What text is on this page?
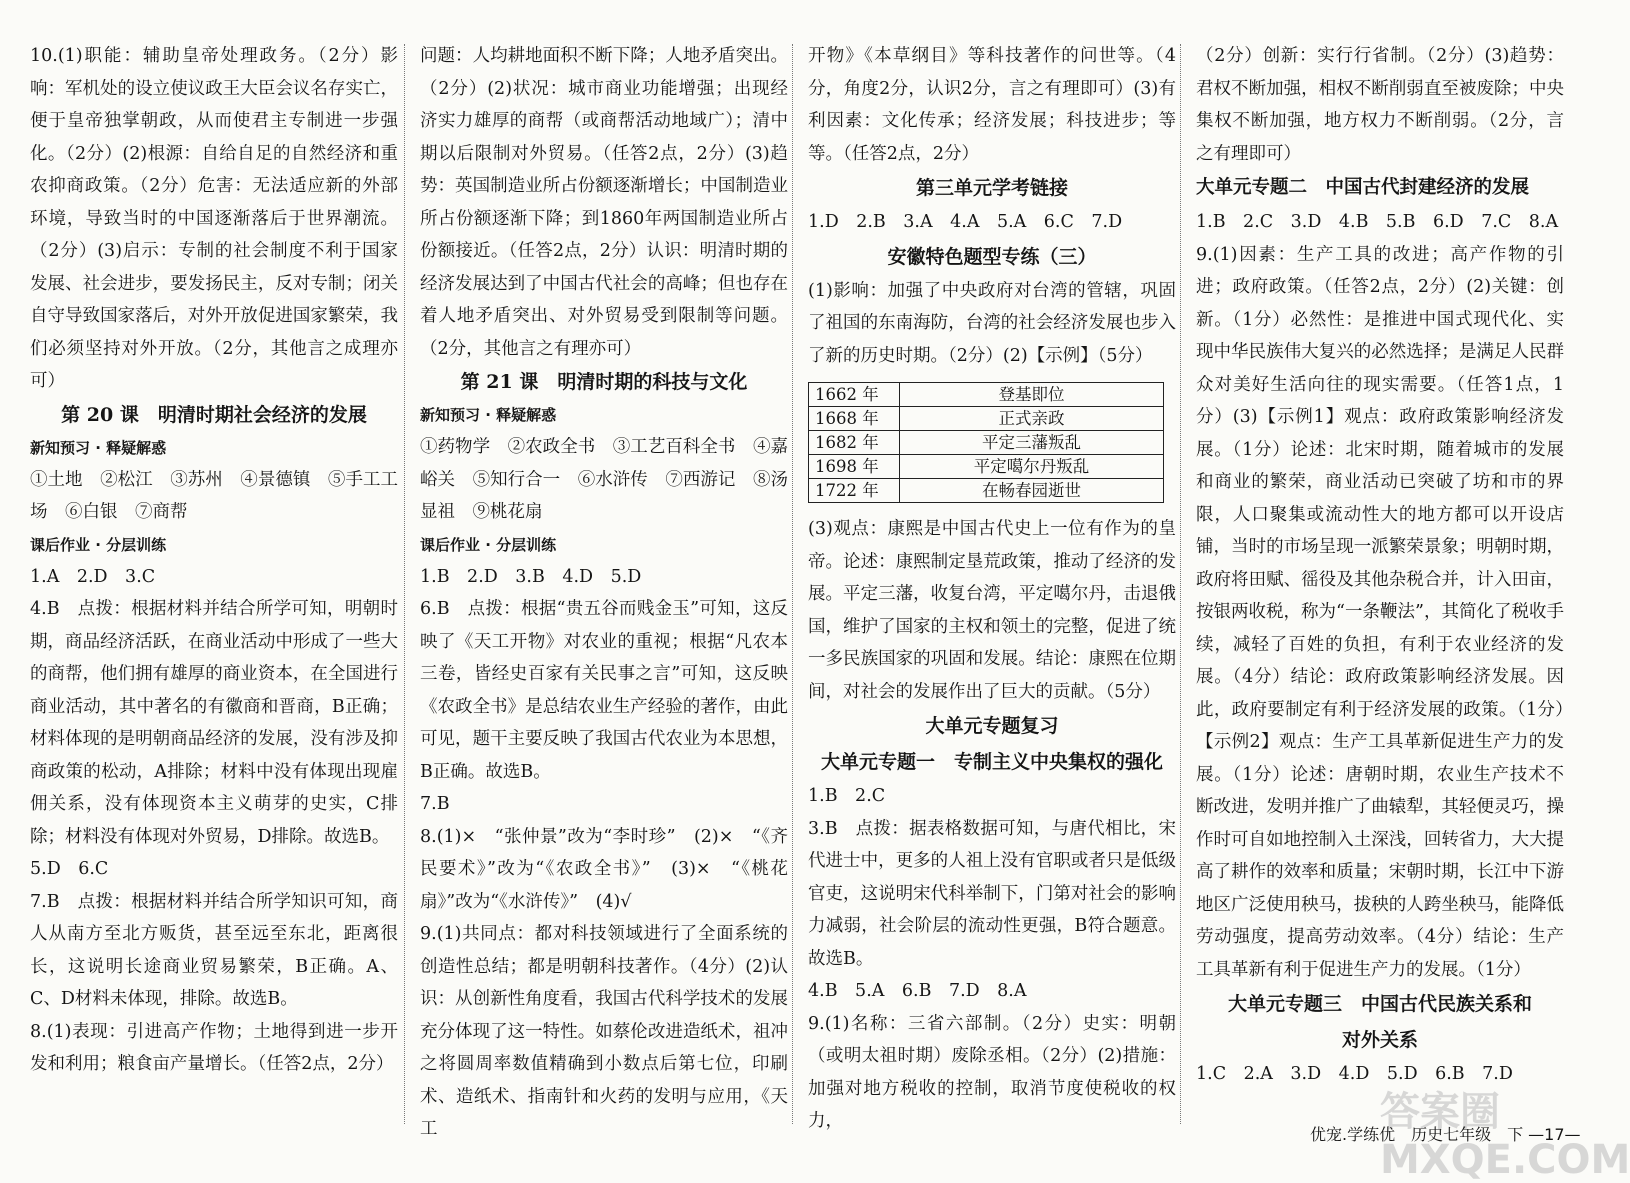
10.(1)职能：辅助皇帝处理政务。（2分）影响：军机处的设立使议政王大臣会议名存实亡，便于皇帝独掌朝政，从而使君主专制进一步强化。（2分）(2)根源：自给自足的自然经济和重农抑商政策。（2分）危害：无法适应新的外部环境，导致当时的中国逐渐落后于世界潮流。（2分）(3)启示：专制的社会制度不利于国家发展、社会进步，要发扬民主，反对专制；闭关自守导致国家落后，对外开放促进国家繁荣，我们必须坚持对外开放。（2分，其他言之成理亦可）
第 20 课　明清时期社会经济的发展
新知预习 · 释疑解惑
①土地　②松江　③苏州　④景德镇　⑤手工工场　⑥白银　⑦商帮
课后作业 · 分层训练
1.A　2.D　3.C
4.B　点拨：根据材料并结合所学可知，明朝时期，商品经济活跃，在商业活动中形成了一些大的商帮，他们拥有雄厚的商业资本，在全国进行商业活动，其中著名的有徽商和晋商，B正确；材料体现的是明朝商品经济的发展，没有涉及抑商政策的松动，A排除；材料中没有体现出现雇佣关系，没有体现资本主义萌芽的史实，C排除；材料没有体现对外贸易，D排除。故选B。
5.D　6.C
7.B　点拨：根据材料并结合所学知识可知，商人从南方至北方贩货，甚至远至东北，距离很长，这说明长途商业贸易繁荣，B正确。A、C、D材料未体现，排除。故选B。
8.(1)表现：引进高产作物；土地得到进一步开发和利用；粮食亩产量增长。（任答2点，2分）
问题：人均耕地面积不断下降；人地矛盾突出。（2分）(2)状况：城市商业功能增强；出现经济实力雄厚的商帮（或商帮活动地域广）；清中期以后限制对外贸易。（任答2点，2分）(3)趋势：英国制造业所占份额逐渐增长；中国制造业所占份额逐渐下降；到1860年两国制造业所占份额接近。（任答2点，2分）认识：明清时期的经济发展达到了中国古代社会的高峰；但也存在着人地矛盾突出、对外贸易受到限制等问题。（2分，其他言之有理亦可）
第 21 课　明清时期的科技与文化
新知预习 · 释疑解惑
①药物学　②农政全书　③工艺百科全书　④嘉峪关　⑤知行合一　⑥水浒传　⑦西游记　⑧汤显祖　⑨桃花扇
课后作业 · 分层训练
1.B　2.D　3.B　4.D　5.D
6.B　点拨：根据“贵五谷而贱金玉”可知，这反映了《天工开物》对农业的重视；根据“凡农本三卷，皆经史百家有关民事之言”可知，这反映《农政全书》是总结农业生产经验的著作，由此可见，题干主要反映了我国古代农业为本思想，B正确。故选B。
7.B
8.(1)×　“张仲景”改为“李时珍”　(2)×　“《齐民要术》”改为“《农政全书》”　(3)×　“《桃花扇》”改为“《水浒传》”　(4)√
9.(1)共同点：都对科技领域进行了全面系统的创造性总结；都是明朝科技著作。（4分）(2)认识：从创新性角度看，我国古代科学技术的发展充分体现了这一特性。如蔡伦改进造纸术，祖冲之将圆周率数值精确到小数点后第七位，印刷术、造纸术、指南针和火药的发明与应用，《天工
开物》《本草纲目》等科技著作的问世等。（4分，角度2分，认识2分，言之有理即可）(3)有利因素：文化传承；经济发展；科技进步；等等。（任答2点，2分）
第三单元学考链接
1.D　2.B　3.A　4.A　5.A　6.C　7.D
安徽特色题型专练（三）
(1)影响：加强了中央政府对台湾的管辖，巩固了祖国的东南海防，台湾的社会经济发展也步入了新的历史时期。（2分）(2)【示例】（5分）
1662 年	登基即位
1668 年	正式亲政
1682 年	平定三藩叛乱
1698 年	平定噶尔丹叛乱
1722 年	在畅春园逝世
(3)观点：康熙是中国古代史上一位有作为的皇帝。论述：康熙制定垦荒政策，推动了经济的发展。平定三藩，收复台湾，平定噶尔丹，击退俄国，维护了国家的主权和领土的完整，促进了统一多民族国家的巩固和发展。结论：康熙在位期间，对社会的发展作出了巨大的贡献。（5分）
大单元专题复习
大单元专题一　专制主义中央集权的强化
1.B　2.C
3.B　点拨：据表格数据可知，与唐代相比，宋代进士中，更多的人祖上没有官职或者只是低级官吏，这说明宋代科举制下，门第对社会的影响力减弱，社会阶层的流动性更强，B符合题意。故选B。
4.B　5.A　6.B　7.D　8.A
9.(1)名称：三省六部制。（2分）史实：明朝（或明太祖时期）废除丞相。（2分）(2)措施：加强对地方税收的控制，取消节度使税收的权力，
（2分）创新：实行行省制。（2分）(3)趋势：君权不断加强，相权不断削弱直至被废除；中央集权不断加强，地方权力不断削弱。（2分，言之有理即可）
大单元专题二　中国古代封建经济的发展
1.B　2.C　3.D　4.B　5.B　6.D　7.C　8.A
9.(1)因素：生产工具的改进；高产作物的引进；政府政策。（任答2点，2分）(2)关键：创新。（1分）必然性：是推进中国式现代化、实现中华民族伟大复兴的必然选择；是满足人民群众对美好生活向往的现实需要。（任答1点，1分）(3)【示例1】观点：政府政策影响经济发展。（1分）论述：北宋时期，随着城市的发展和商业的繁荣，商业活动已突破了坊和市的界限，人口聚集或流动性大的地方都可以开设店铺，当时的市场呈现一派繁荣景象；明朝时期，政府将田赋、徭役及其他杂税合并，计入田亩，按银两收税，称为“一条鞭法”，其简化了税收手续，减轻了百姓的负担，有利于农业经济的发展。（4分）结论：政府政策影响经济发展。因此，政府要制定有利于经济发展的政策。（1分）【示例2】观点：生产工具革新促进生产力的发展。（1分）论述：唐朝时期，农业生产技术不断改进，发明并推广了曲辕犁，其轻便灵巧，操作时可自如地控制入土深浅，回转省力，大大提高了耕作的效率和质量；宋朝时期，长江中下游地区广泛使用秧马，拔秧的人跨坐秧马，能降低劳动强度，提高劳动效率。（4分）结论：生产工具革新有利于促进生产力的发展。（1分）
大单元专题三　中国古代民族关系和
对外关系
1.C　2.A　3.D　4.D　5.D　6.B　7.D
答案圈 MXQE.COM
优宠.学练优　历史七年级　下 —17—
